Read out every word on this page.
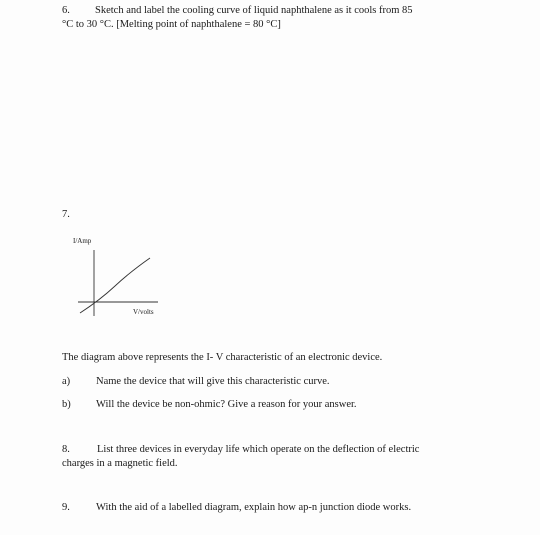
6. Sketch and label the cooling curve of liquid naphthalene as it cools from 85
°C to 30 °C. [Melting point of naphthalene = 80 °C]
7.
I/Amp
V/volts
The diagram above represents the I- V characteristic of an electronic device.
a) Name the device that will give this characteristic curve.
b) Will the device be non-ohmic? Give a reason for your answer.
8.	List three devices in everyday life which operate on the deflection of electric
charges in a magnetic field.
9. With the aid of a labelled diagram, explain how ap-n junction diode works.
